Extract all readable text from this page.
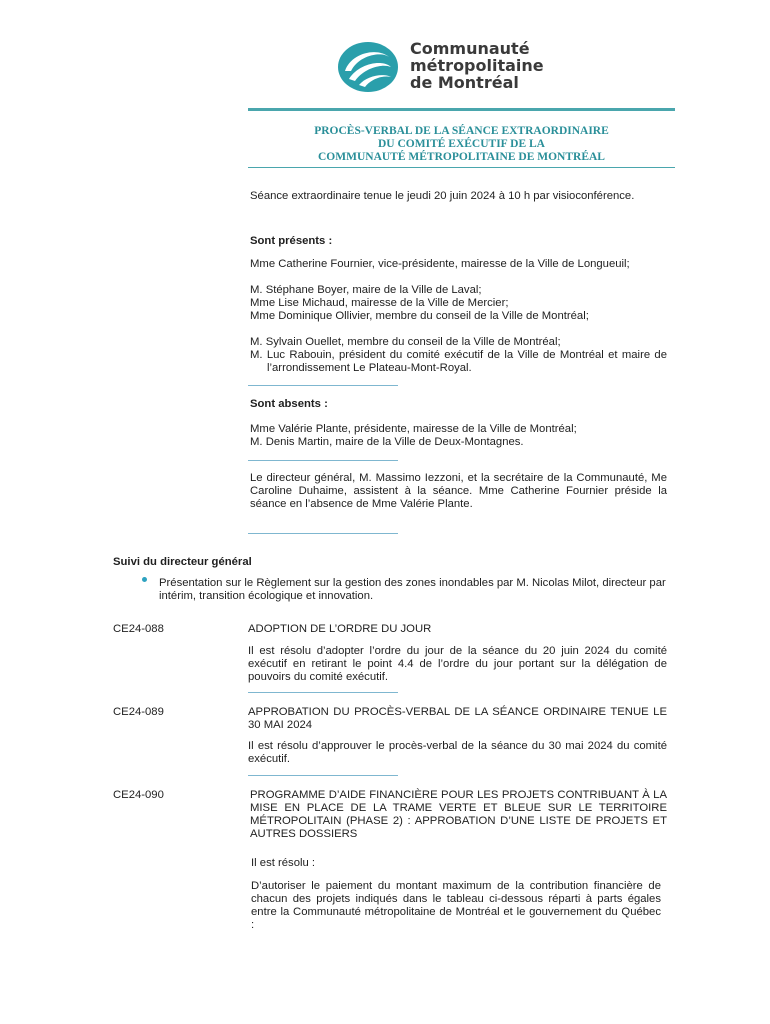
Communauté
métropolitaine
de Montréal
PROCÈS-VERBAL DE LA SÉANCE EXTRAORDINAIRE
DU COMITÉ EXÉCUTIF DE LA
COMMUNAUTÉ MÉTROPOLITAINE DE MONTRÉAL
Séance extraordinaire tenue le jeudi 20 juin 2024 à 10 h par visioconférence.
Sont présents :
Mme Catherine Fournier, vice-présidente, mairesse de la Ville de Longueuil;
M. Stéphane Boyer, maire de la Ville de Laval;
Mme Lise Michaud, mairesse de la Ville de Mercier;
Mme Dominique Ollivier, membre du conseil de la Ville de Montréal;
M. Sylvain Ouellet, membre du conseil de la Ville de Montréal;
M. Luc Rabouin, président du comité exécutif de la Ville de Montréal et maire de l’arrondissement Le Plateau-Mont-Royal.
Sont absents :
Mme Valérie Plante, présidente, mairesse de la Ville de Montréal;
M. Denis Martin, maire de la Ville de Deux-Montagnes.
Le directeur général, M. Massimo Iezzoni, et la secrétaire de la Communauté, Me Caroline Duhaime, assistent à la séance. Mme Catherine Fournier préside la séance en l’absence de Mme Valérie Plante.
Suivi du directeur général
Présentation sur le Règlement sur la gestion des zones inondables par M. Nicolas Milot, directeur par intérim, transition écologique et innovation.
CE24-088	ADOPTION DE L’ORDRE DU JOUR
Il est résolu d’adopter l’ordre du jour de la séance du 20 juin 2024 du comité exécutif en retirant le point 4.4 de l’ordre du jour portant sur la délégation de pouvoirs du comité exécutif.
CE24-089	APPROBATION DU PROCÈS-VERBAL DE LA SÉANCE ORDINAIRE TENUE LE 30 MAI 2024
Il est résolu d’approuver le procès-verbal de la séance du 30 mai 2024 du comité exécutif.
CE24-090	PROGRAMME D’AIDE FINANCIÈRE POUR LES PROJETS CONTRIBUANT À LA MISE EN PLACE DE LA TRAME VERTE ET BLEUE SUR LE TERRITOIRE MÉTROPOLITAIN (PHASE 2) : APPROBATION D’UNE LISTE DE PROJETS ET AUTRES DOSSIERS
Il est résolu :
D’autoriser le paiement du montant maximum de la contribution financière de chacun des projets indiqués dans le tableau ci-dessous réparti à parts égales entre la Communauté métropolitaine de Montréal et le gouvernement du Québec :
